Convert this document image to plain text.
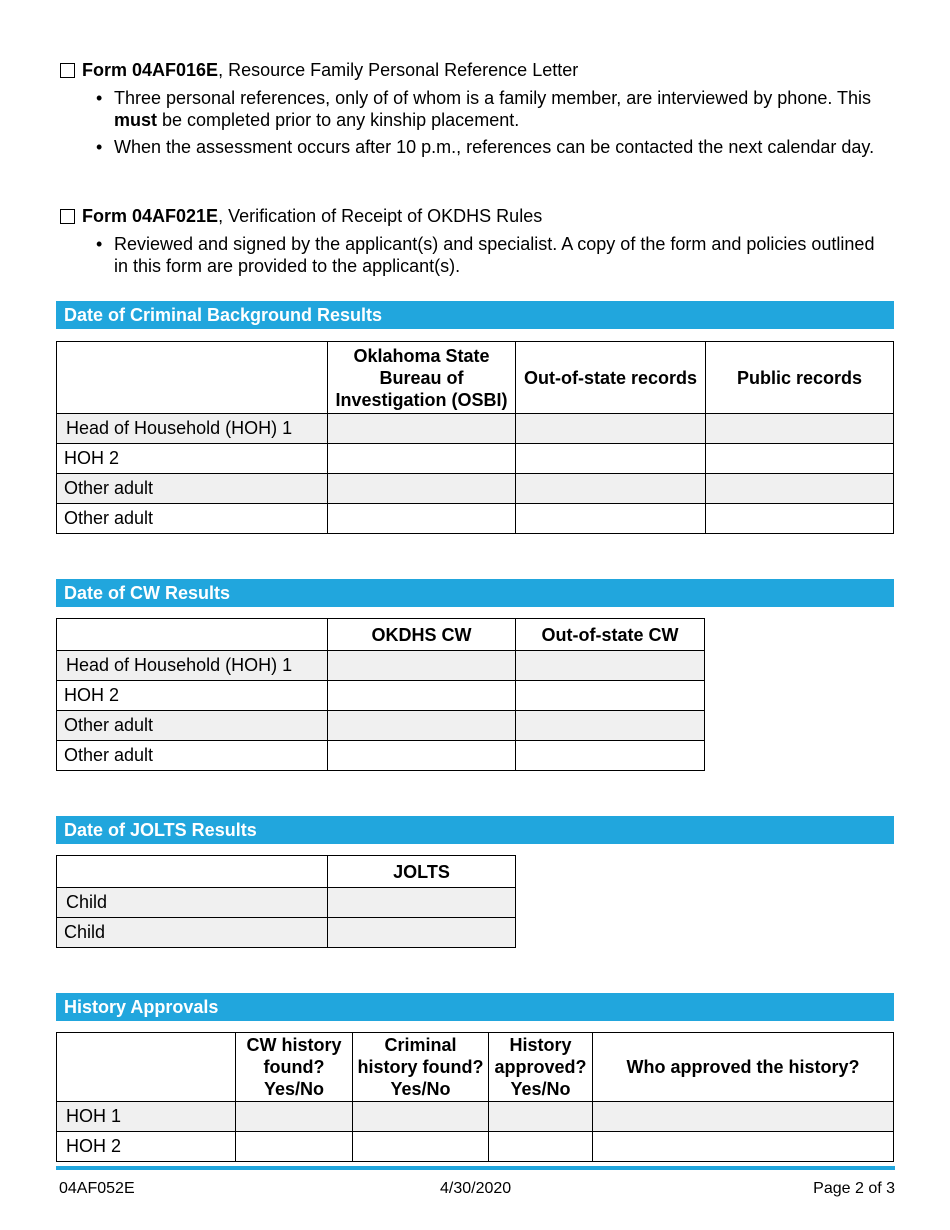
Form 04AF016E, Resource Family Personal Reference Letter
• Three personal references, only of of whom is a family member, are interviewed by phone. This must be completed prior to any kinship placement.
• When the assessment occurs after 10 p.m., references can be contacted the next calendar day.
Form 04AF021E, Verification of Receipt of OKDHS Rules
• Reviewed and signed by the applicant(s) and specialist. A copy of the form and policies outlined in this form are provided to the applicant(s).
Date of Criminal Background Results
	Oklahoma State Bureau of Investigation (OSBI)	Out-of-state records	Public records
Head of Household (HOH) 1			
HOH 2			
Other adult			
Other adult			
Date of CW Results
	OKDHS CW	Out-of-state CW
Head of Household (HOH) 1		
HOH 2		
Other adult		
Other adult		
Date of JOLTS Results
	JOLTS
Child	
Child	
History Approvals
	CW history found? Yes/No	Criminal history found? Yes/No	History approved? Yes/No	Who approved the history?
HOH 1				
HOH 2				
04AF052E	4/30/2020	Page 2 of 3
